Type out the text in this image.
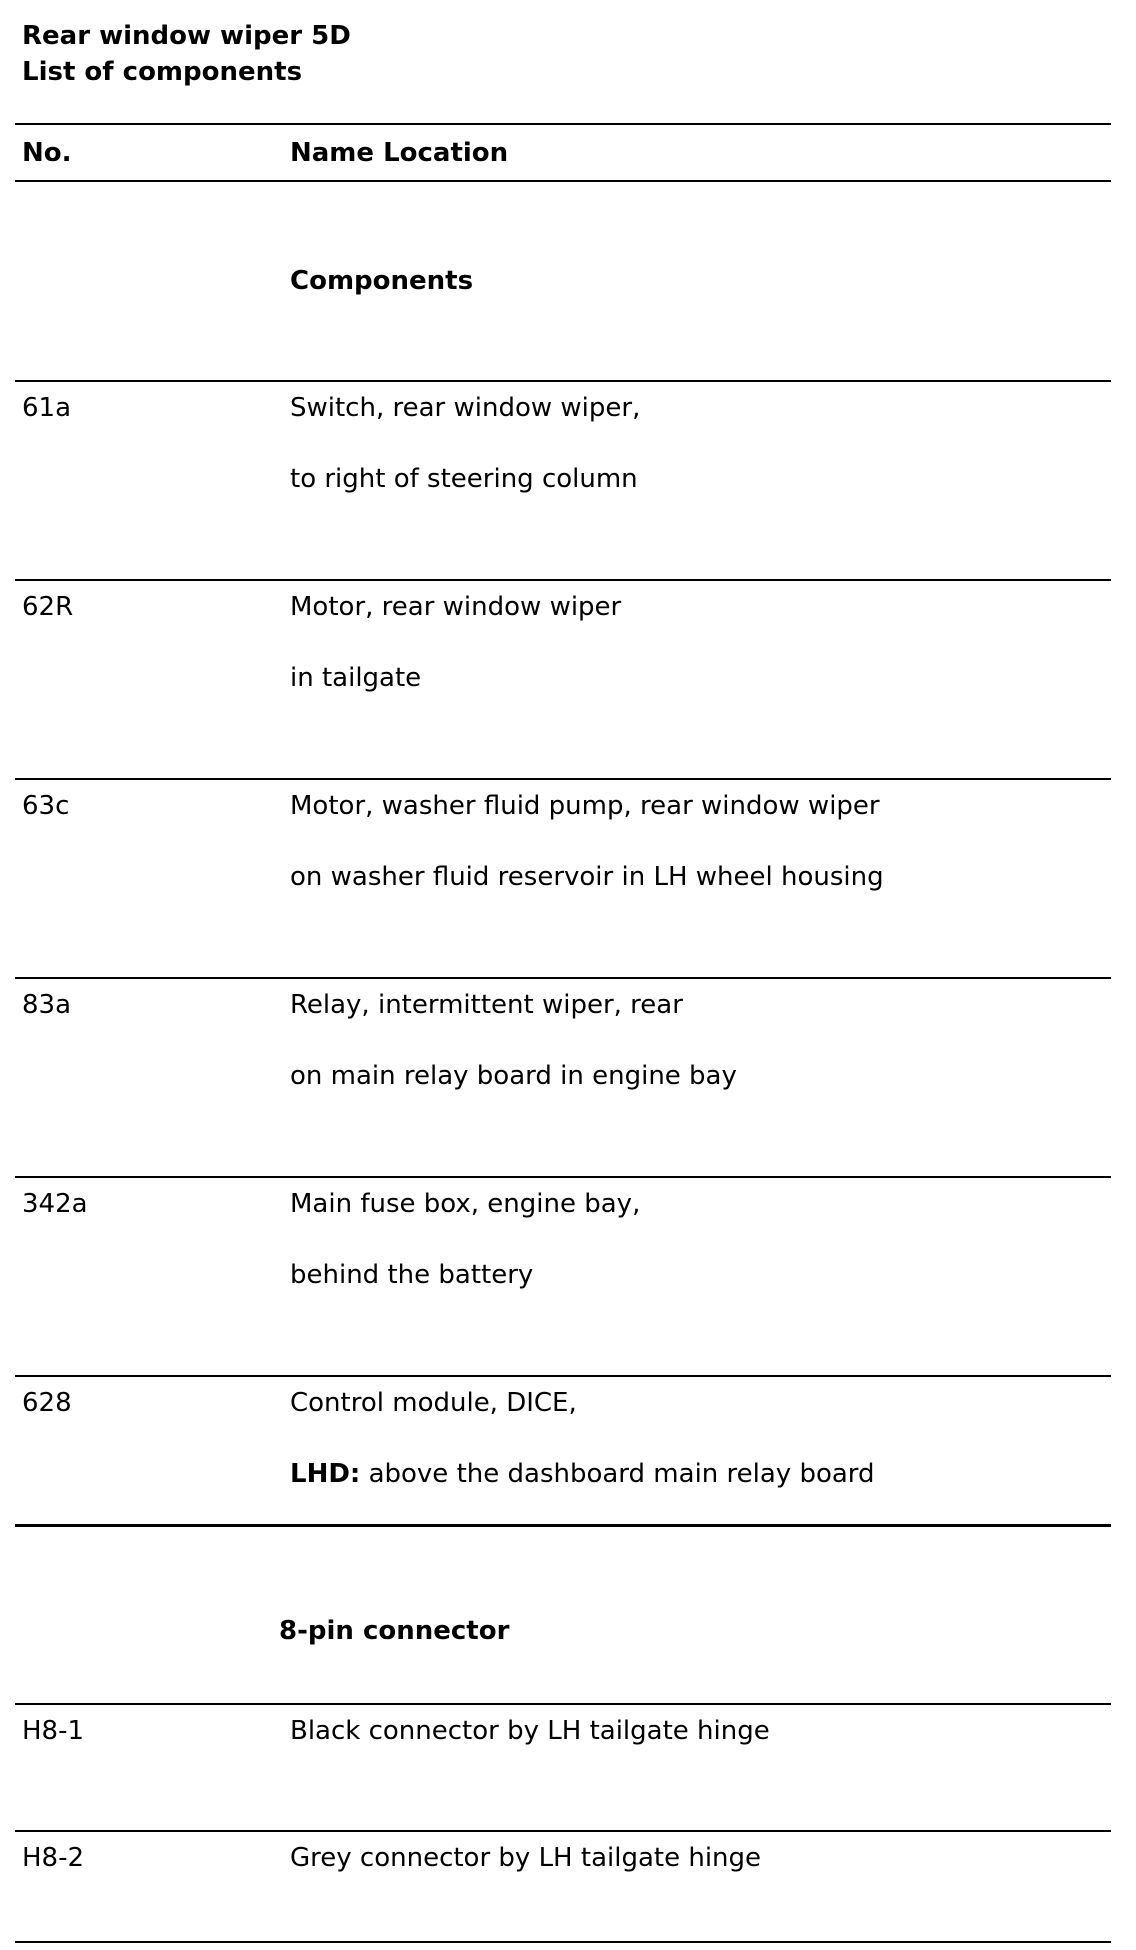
Rear window wiper 5D
List of components
No.	Name Location
Components
61a	Switch, rear window wiper,
to right of steering column
62R	Motor, rear window wiper
in tailgate
63c	Motor, washer fluid pump, rear window wiper
on washer fluid reservoir in LH wheel housing
83a	Relay, intermittent wiper, rear
on main relay board in engine bay
342a	Main fuse box, engine bay,
behind the battery
628	Control module, DICE,
LHD: above the dashboard main relay board
8-pin connector
H8-1	Black connector by LH tailgate hinge
H8-2	Grey connector by LH tailgate hinge
